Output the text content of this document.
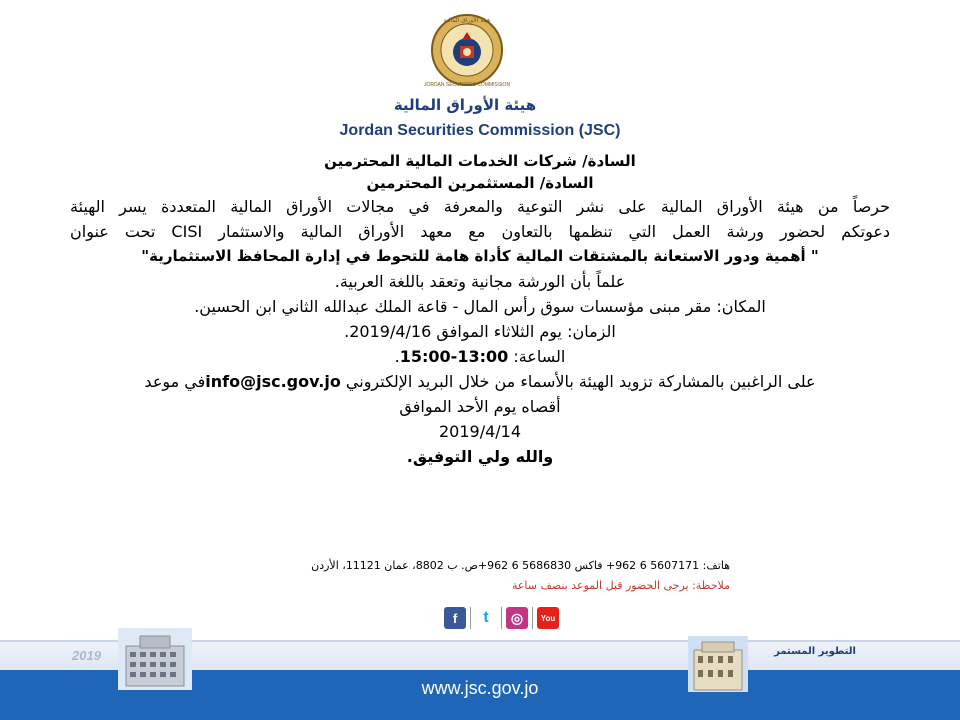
JORDAN SECURITIES COMMISSION
هيئة الأوراق المالية
هيئة الأوراق المالية
Jordan Securities Commission (JSC)
السادة/ شركات الخدمات المالية المحترمين
السادة/ المستثمرين المحترمين
حرصاً من هيئة الأوراق المالية على نشر التوعية والمعرفة في مجالات الأوراق المالية المتعددة يسر الهيئة
دعوتكم لحضور ورشة العمل التي تنظمها بالتعاون مع معهد الأوراق المالية والاستثمار CISI تحت عنوان
" أهمية ودور الاستعانة بالمشتقات المالية كأداة هامة للتحوط في إدارة المحافظ الاستثمارية"
علماً بأن الورشة مجانية وتعقد باللغة العربية.
المكان: مقر مبنى مؤسسات سوق رأس المال - قاعة الملك عبدالله الثاني ابن الحسين.
الزمان: يوم الثلاثاء الموافق 2019/4/16.
الساعة: 15:00-13:00.
على الراغبين بالمشاركة تزويد الهيئة بالأسماء من خلال البريد الإلكتروني info@jsc.gov.joفي موعد
أقصاه يوم الأحد الموافق
2019/4/14
والله ولي التوفيق.
هاتف: 5607171 6 962+ فاكس 5686830 6 962+ص. ب 8802، عمان 11121، الأردن
ملاحظة: يرجى الحضور قبل الموعد بنصف ساعة
f	t	◎	You
2019	التطوير المستمر
www.jsc.gov.jo
